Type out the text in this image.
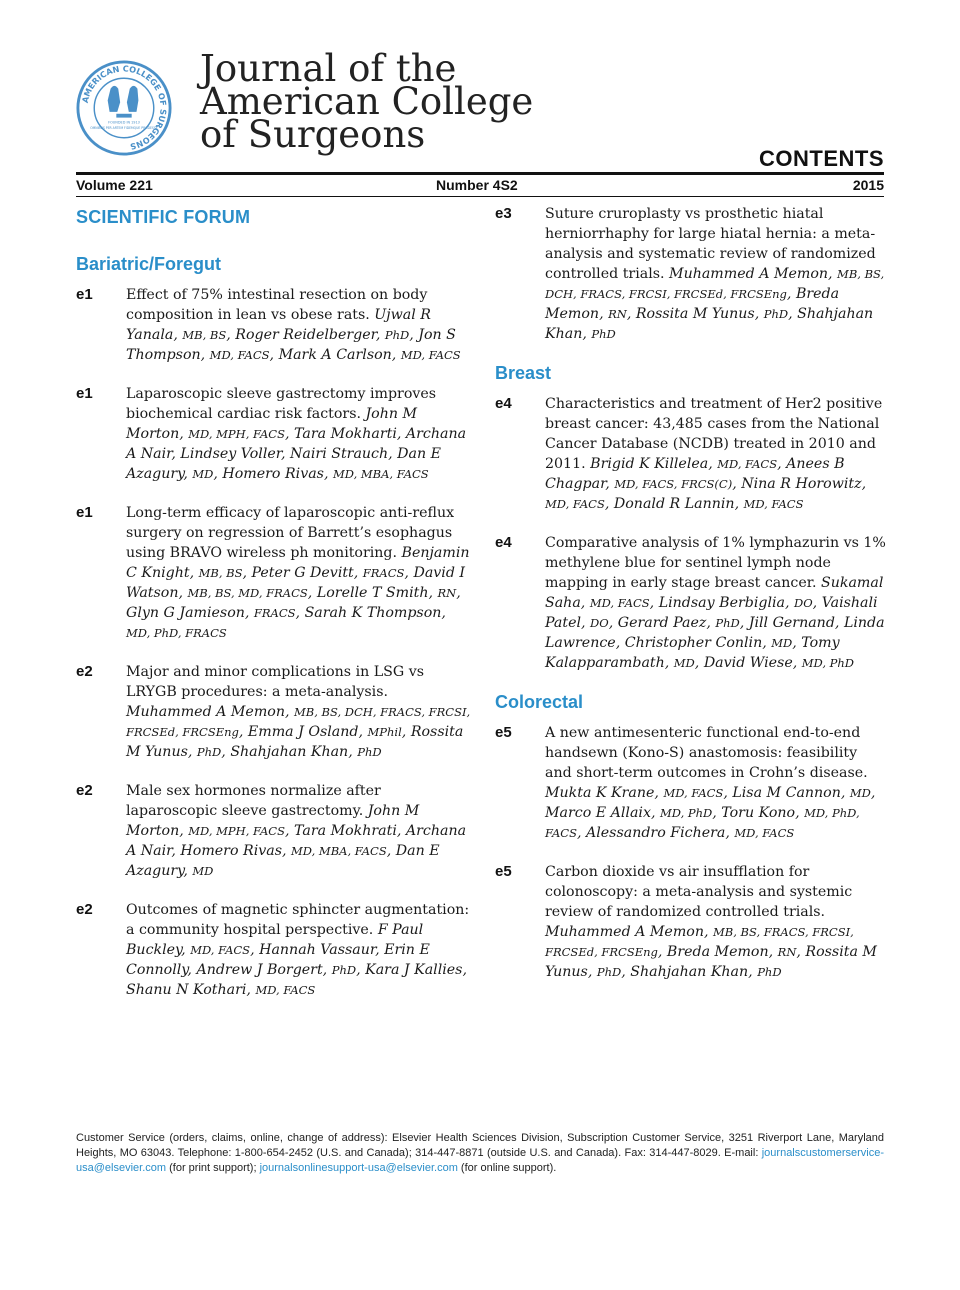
AMERICAN COLLEGE OF SURGEONS
FOUNDED IN 1913
OMNIBUS PER ARTEM FIDEMQUE PRODESSE
Journal of the
American College
of Surgeons
CONTENTS
Volume 221	Number 4S2	2015
SCIENTIFIC FORUM
Bariatric/Foregut
e1	Effect of 75% intestinal resection on body composition in lean vs obese rats. Ujwal R Yanala, MB, BS, Roger Reidelberger, PhD, Jon S Thompson, MD, FACS, Mark A Carlson, MD, FACS
e1	Laparoscopic sleeve gastrectomy improves biochemical cardiac risk factors. John M Morton, MD, MPH, FACS, Tara Mokharti, Archana A Nair, Lindsey Voller, Nairi Strauch, Dan E Azagury, MD, Homero Rivas, MD, MBA, FACS
e1	Long-term efficacy of laparoscopic anti-reflux surgery on regression of Barrett’s esophagus using BRAVO wireless ph monitoring. Benjamin C Knight, MB, BS, Peter G Devitt, FRACS, David I Watson, MB, BS, MD, FRACS, Lorelle T Smith, RN, Glyn G Jamieson, FRACS, Sarah K Thompson, MD, PhD, FRACS
e2	Major and minor complications in LSG vs LRYGB procedures: a meta-analysis. Muhammed A Memon, MB, BS, DCH, FRACS, FRCSI, FRCSEd, FRCSEng, Emma J Osland, MPhil, Rossita M Yunus, PhD, Shahjahan Khan, PhD
e2	Male sex hormones normalize after laparoscopic sleeve gastrectomy. John M Morton, MD, MPH, FACS, Tara Mokhrati, Archana A Nair, Homero Rivas, MD, MBA, FACS, Dan E Azagury, MD
e2	Outcomes of magnetic sphincter augmentation: a community hospital perspective. F Paul Buckley, MD, FACS, Hannah Vassaur, Erin E Connolly, Andrew J Borgert, PhD, Kara J Kallies, Shanu N Kothari, MD, FACS
e3	Suture cruroplasty vs prosthetic hiatal herniorrhaphy for large hiatal hernia: a meta-analysis and systematic review of randomized controlled trials. Muhammed A Memon, MB, BS, DCH, FRACS, FRCSI, FRCSEd, FRCSEng, Breda Memon, RN, Rossita M Yunus, PhD, Shahjahan Khan, PhD
Breast
e4	Characteristics and treatment of Her2 positive breast cancer: 43,485 cases from the National Cancer Database (NCDB) treated in 2010 and 2011. Brigid K Killelea, MD, FACS, Anees B Chagpar, MD, FACS, FRCS(C), Nina R Horowitz, MD, FACS, Donald R Lannin, MD, FACS
e4	Comparative analysis of 1% lymphazurin vs 1% methylene blue for sentinel lymph node mapping in early stage breast cancer. Sukamal Saha, MD, FACS, Lindsay Berbiglia, DO, Vaishali Patel, DO, Gerard Paez, PhD, Jill Gernand, Linda Lawrence, Christopher Conlin, MD, Tomy Kalapparambath, MD, David Wiese, MD, PhD
Colorectal
e5	A new antimesenteric functional end-to-end handsewn (Kono-S) anastomosis: feasibility and short-term outcomes in Crohn’s disease. Mukta K Krane, MD, FACS, Lisa M Cannon, MD, Marco E Allaix, MD, PhD, Toru Kono, MD, PhD, FACS, Alessandro Fichera, MD, FACS
e5	Carbon dioxide vs air insufflation for colonoscopy: a meta-analysis and systemic review of randomized controlled trials. Muhammed A Memon, MB, BS, FRACS, FRCSI, FRCSEd, FRCSEng, Breda Memon, RN, Rossita M Yunus, PhD, Shahjahan Khan, PhD
Customer Service (orders, claims, online, change of address): Elsevier Health Sciences Division, Subscription Customer Service, 3251 Riverport Lane, Maryland Heights, MO 63043. Telephone: 1-800-654-2452 (U.S. and Canada); 314-447-8871 (outside U.S. and Canada). Fax: 314-447-8029. E-mail: journalscustomerservice-usa@elsevier.com (for print support); journalsonlinesupport-usa@elsevier.com (for online support).
